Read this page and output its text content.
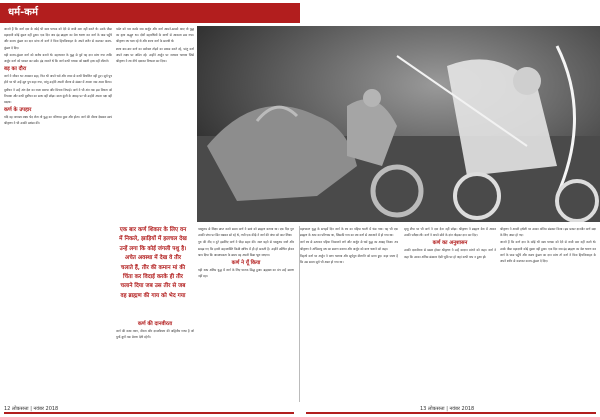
धर्म-कर्म

जानते हैं कि कर्ण दान के कोई भी वस्त्र याचक को देने से कभी मना नहीं करते थे। उनके जैसा महादानी कोई दूसरा नहीं हुआ। एक दिन जब इंद्र ब्राह्मण का वेश धारण कर कर्ण के पास पहुँचे और कवच कुंडल का दान मांगा तो कर्ण ने बिना हिचकिचाहट के अपने शरीर से काटकर कवच-कुंडल दे दिए।

यही कवच-कुंडल कर्ण को अजेय बनाते थे। महाभारत के युद्ध से पूर्व यह दान मांगा गया ताकि अर्जुन कर्ण को परास्त कर सके। इंद्र जानते थे कि कर्ण कभी याचक को खाली हाथ नहीं लौटाते।

बड़ का दौरा

कर्ण ने जीवन भर अपमान सहा, फिर भी अपने धर्म और वचन से कभी विचलित नहीं हुए। सूर्य पुत्र होने पर भी उन्हें सूत पुत्र कहा गया, परंतु उन्होंने अपनी वीरता से संसार में अपना नाम अमर किया।

दुर्योधन ने उन्हें अंग देश का राजा बनाया और मित्रता निभाई। कर्ण ने भी अंत तक इस मित्रता को निभाया और कभी दुर्योधन का साथ नहीं छोड़ा। माता कुंती के आग्रह पर भी उन्होंने अपना पक्ष नहीं बदला।

कर्ण के उपहार

यदि वह नागास्त्र लक्ष्य भेद लेता तो युद्ध का परिणाम कुछ और होता। कर्ण की वीरता देखकर स्वयं श्रीकृष्ण ने भी उनकी प्रशंसा की।

पर्वत को पार करके जब अर्जुन और कर्ण आमने-सामने आए तो युद्ध का दृश्य अद्भुत था। दोनों महारथियों के बाणों से आकाश ढक गया। श्रीकृष्ण रथ चला रहे थे और शल्य कर्ण के सारथी थे।

शल्य बार-बार कर्ण का मनोबल तोड़ने का प्रयास करते रहे, परंतु कर्ण अपने लक्ष्य पर अडिग रहे। उन्होंने अर्जुन पर नागास्त्र चलाया जिसे श्रीकृष्ण ने रथ नीचे दबाकर निष्फल कर दिया।

एक बार कर्ण शिकार के लिए वन में निकले, झाड़ियों में हलचल देख उन्हें लगा कि कोई जंगली पशु है। अचेत अवस्था में देख वे तीर चलाते हैं, तीर की कमान मां की चिंता कर विदाई करके ही तीर चलाने दिया जब उस तीर से जब वह ब्राह्मण की गाय को भेद गया
कर्ण की दानवीरता

कर्ण की कथा त्याग, वीरता और दानशीलता की अद्वितीय गाथा है जो युगों-युगों तक प्रेरणा देती रहेगी।

परशुराम से शिक्षा प्राप्त करते समय कर्ण ने स्वयं को ब्राह्मण बताया था। एक दिन गुरु उनकी जंघा पर सिर रखकर सो रहे थे, तभी एक कीड़े ने कर्ण की जंघा को काट लिया।

गुरु की नींद न टूटे इसलिए कर्ण ने पीड़ा सहन की। रक्त बहने से परशुराम जागे और समझ गए कि इतनी सहनशक्ति किसी क्षत्रिय में ही हो सकती है। उन्होंने क्रोधित होकर श्राप दिया कि आवश्यकता के समय वह अपनी विद्या भूल जाएगा।

कर्ण ने यूँ किया

यही श्राप अंतिम युद्ध में कर्ण के लिए घातक सिद्ध हुआ। ब्रह्मास्त्र का मंत्र उन्हें स्मरण नहीं रहा।

महाभारत युद्ध के सत्रहवें दिन कर्ण के रथ का पहिया धरती में धंस गया। यह भी एक ब्राह्मण के श्राप का परिणाम था, जिसकी गाय का वध कर्ण से अनजाने में हो गया था।

कर्ण रथ से उतरकर पहिया निकालने लगे और अर्जुन से धर्म युद्ध का आग्रह किया। तब श्रीकृष्ण ने अभिमन्यु वध का स्मरण कराया और अर्जुन को बाण चलाने को कहा।

निहत्थे कर्ण पर अर्जुन ने बाण चलाया और सूर्यपुत्र वीरगति को प्राप्त हुए। कहा जाता है कि उस समय सूर्य भी अस्त हो गया था।

मृत्यु शैया पर भी कर्ण ने दान देना नहीं छोड़ा। श्रीकृष्ण ने ब्राह्मण वेश में आकर उनकी परीक्षा ली। कर्ण ने अपने सोने के दांत तोड़कर दान कर दिए।

कर्ण का अनुशासन

उनकी दानवीरता से प्रसन्न होकर श्रीकृष्ण ने उन्हें वरदान मांगने को कहा। कर्ण ने कहा कि उनका अंतिम संस्कार ऐसी भूमि पर हो जहां कभी पाप न हुआ हो।

श्रीकृष्ण ने अपनी हथेली पर उनका अंतिम संस्कार किया। इस प्रकार दानवीर कर्ण सदा के लिए अमर हो गए।

जानते हैं कि कर्ण दान के कोई भी वस्त्र याचक को देने से कभी मना नहीं करते थे। उनके जैसा महादानी कोई दूसरा नहीं हुआ। एक दिन जब इंद्र ब्राह्मण का वेश धारण कर कर्ण के पास पहुँचे और कवच कुंडल का दान मांगा तो कर्ण ने बिना हिचकिचाहट के अपने शरीर से काटकर कवच-कुंडल दे दिए।

12 लोकसत्ता | नवंबर 2018	13 लोकसत्ता | नवंबर 2018
